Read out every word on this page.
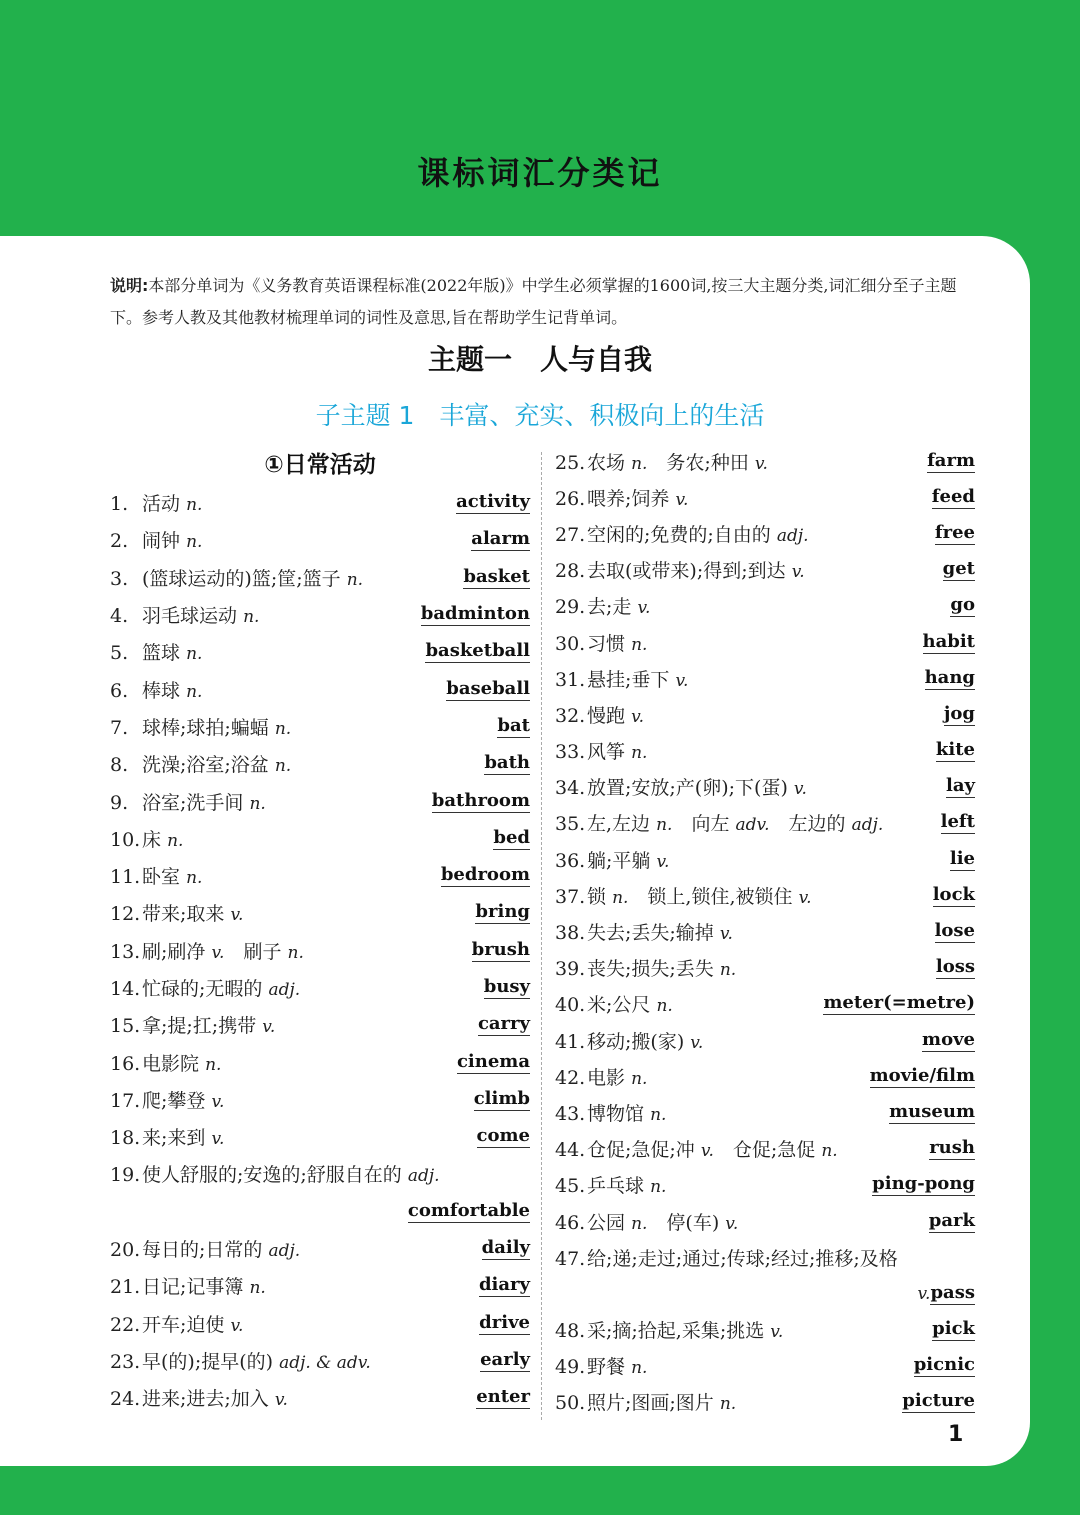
课标词汇分类记
说明:本部分单词为《义务教育英语课程标准(2022年版)》中学生必须掌握的1600词,按三大主题分类,词汇细分至子主题下。参考人教及其他教材梳理单词的词性及意思,旨在帮助学生记背单词。
主题一　人与自我
子主题 1　丰富、充实、积极向上的生活
①日常活动
1. 活动 n.	activity
2. 闹钟 n.	alarm
3. (篮球运动的)篮;筐;篮子 n.	basket
4. 羽毛球运动 n.	badminton
5. 篮球 n.	basketball
6. 棒球 n.	baseball
7. 球棒;球拍;蝙蝠 n.	bat
8. 洗澡;浴室;浴盆 n.	bath
9. 浴室;洗手间 n.	bathroom
10.床 n.	bed
11.卧室 n.	bedroom
12.带来;取来 v.	bring
13.刷;刷净 v.  刷子 n.	brush
14.忙碌的;无暇的 adj.	busy
15.拿;提;扛;携带 v.	carry
16.电影院 n.	cinema
17.爬;攀登 v.	climb
18.来;来到 v.	come
19.使人舒服的;安逸的;舒服自在的 adj.
comfortable
20.每日的;日常的 adj.	daily
21.日记;记事簿 n.	diary
22.开车;迫使 v.	drive
23.早(的);提早(的) adj. & adv.	early
24.进来;进去;加入 v.	enter
25.农场 n.  务农;种田 v.	farm
26.喂养;饲养 v.	feed
27.空闲的;免费的;自由的 adj.	free
28.去取(或带来);得到;到达 v.	get
29.去;走 v.	go
30.习惯 n.	habit
31.悬挂;垂下 v.	hang
32.慢跑 v.	jog
33.风筝 n.	kite
34.放置;安放;产(卵);下(蛋) v.	lay
35.左,左边 n.  向左 adv.  左边的 adj.	left
36.躺;平躺 v.	lie
37.锁 n.  锁上,锁住,被锁住 v.	lock
38.失去;丢失;输掉 v.	lose
39.丧失;损失;丢失 n.	loss
40.米;公尺 n.	meter(=metre)
41.移动;搬(家) v.	move
42.电影 n.	movie/film
43.博物馆 n.	museum
44.仓促;急促;冲 v.  仓促;急促 n.	rush
45.乒乓球 n.	ping-pong
46.公园 n.  停(车) v.	park
47.给;递;走过;通过;传球;经过;推移;及格
v. pass
48.采;摘;拾起,采集;挑选 v.	pick
49.野餐 n.	picnic
50.照片;图画;图片 n.	picture
1
